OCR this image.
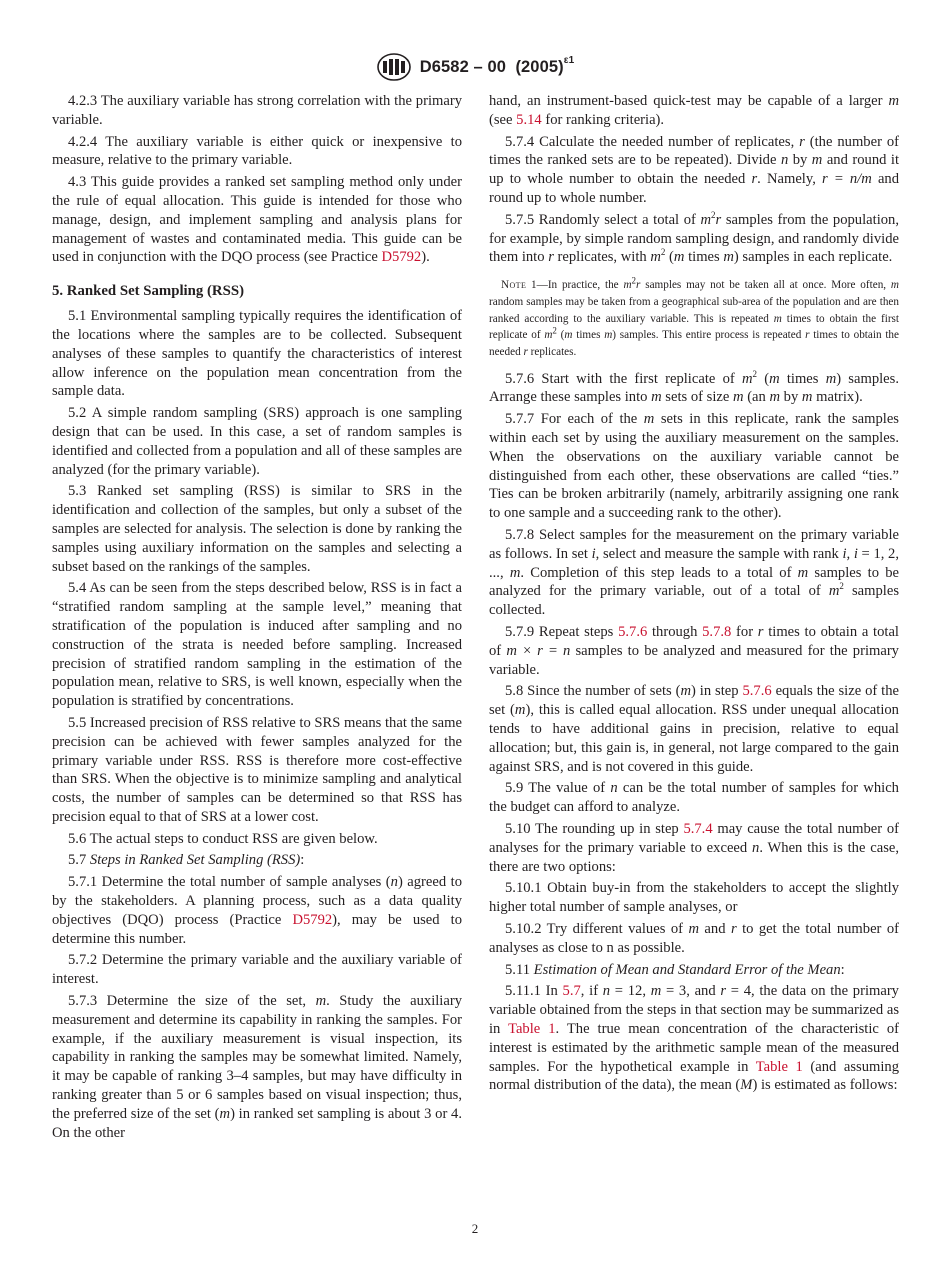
D6582 – 00 $(2005)^{\varepsilon 1}$

4.2.3 The auxiliary variable has strong correlation with the primary variable.

4.2.4 The auxiliary variable is either quick or inexpensive to measure, relative to the primary variable.

4.3 This guide provides a ranked set sampling method only under the rule of equal allocation. This guide is intended for those who manage, design, and implement sampling and analysis plans for management of wastes and contaminated media. This guide can be used in conjunction with the DQO process (see Practice D5792).

5. Ranked Set Sampling (RSS)

5.1 Environmental sampling typically requires the identification of the locations where the samples are to be collected. Subsequent analyses of these samples to quantify the characteristics of interest allow inference on the population mean concentration from the sample data.

5.2 A simple random sampling (SRS) approach is one sampling design that can be used. In this case, a set of random samples is identified and collected from a population and all of these samples are analyzed (for the primary variable).

5.3 Ranked set sampling (RSS) is similar to SRS in the identification and collection of the samples, but only a subset of the samples are selected for analysis. The selection is done by ranking the samples using auxiliary information on the samples and selecting a subset based on the rankings of the samples.

5.4 As can be seen from the steps described below, RSS is in fact a “stratified random sampling at the sample level,” meaning that stratification of the population is induced after sampling and no construction of the strata is needed before sampling. Increased precision of stratified random sampling in the estimation of the population mean, relative to SRS, is well known, especially when the population is stratified by concentrations.

5.5 Increased precision of RSS relative to SRS means that the same precision can be achieved with fewer samples analyzed for the primary variable under RSS. RSS is therefore more cost-effective than SRS. When the objective is to minimize sampling and analytical costs, the number of samples can be determined so that RSS has precision equal to that of SRS at a lower cost.

5.6 The actual steps to conduct RSS are given below.

5.7 Steps in Ranked Set Sampling (RSS):

5.7.1 Determine the total number of sample analyses (n) agreed to by the stakeholders. A planning process, such as a data quality objectives (DQO) process (Practice D5792), may be used to determine this number.

5.7.2 Determine the primary variable and the auxiliary variable of interest.

5.7.3 Determine the size of the set, m. Study the auxiliary measurement and determine its capability in ranking the samples. For example, if the auxiliary measurement is visual inspection, its capability in ranking the samples may be somewhat limited. Namely, it may be capable of ranking 3–4 samples, but may have difficulty in ranking greater than 5 or 6 samples based on visual inspection; thus, the preferred size of the set (m) in ranked set sampling is about 3 or 4. On the other

hand, an instrument-based quick-test may be capable of a larger m (see 5.14 for ranking criteria).

5.7.4 Calculate the needed number of replicates, r (the number of times the ranked sets are to be repeated). Divide n by m and round it up to whole number to obtain the needed r. Namely, r = n/m and round up to whole number.

5.7.5 Randomly select a total of $m^2r$ samples from the population, for example, by simple random sampling design, and randomly divide them into r replicates, with $m^2$ (m times m) samples in each replicate.

Note 1—In practice, the $m^2r$ samples may not be taken all at once. More often, m random samples may be taken from a geographical sub-area of the population and are then ranked according to the auxiliary variable. This is repeated m times to obtain the first replicate of $m^2$ (m times m) samples. This entire process is repeated r times to obtain the needed r replicates.

5.7.6 Start with the first replicate of $m^2$ (m times m) samples. Arrange these samples into m sets of size m (an m by m matrix).

5.7.7 For each of the m sets in this replicate, rank the samples within each set by using the auxiliary measurement on the samples. When the observations on the auxiliary variable cannot be distinguished from each other, these observations are called “ties.” Ties can be broken arbitrarily (namely, arbitrarily assigning one rank to one sample and a succeeding rank to the other).

5.7.8 Select samples for the measurement on the primary variable as follows. In set i, select and measure the sample with rank i, i = 1, 2, ..., m. Completion of this step leads to a total of m samples to be analyzed for the primary variable, out of a total of $m^2$ samples collected.

5.7.9 Repeat steps 5.7.6 through 5.7.8 for r times to obtain a total of m × r = n samples to be analyzed and measured for the primary variable.

5.8 Since the number of sets (m) in step 5.7.6 equals the size of the set (m), this is called equal allocation. RSS under unequal allocation tends to have additional gains in precision, relative to equal allocation; but, this gain is, in general, not large compared to the gain against SRS, and is not covered in this guide.

5.9 The value of n can be the total number of samples for which the budget can afford to analyze.

5.10 The rounding up in step 5.7.4 may cause the total number of analyses for the primary variable to exceed n. When this is the case, there are two options:

5.10.1 Obtain buy-in from the stakeholders to accept the slightly higher total number of sample analyses, or

5.10.2 Try different values of m and r to get the total number of analyses as close to n as possible.

5.11 Estimation of Mean and Standard Error of the Mean:

5.11.1 In 5.7, if n = 12, m = 3, and r = 4, the data on the primary variable obtained from the steps in that section may be summarized as in Table 1. The true mean concentration of the characteristic of interest is estimated by the arithmetic sample mean of the measured samples. For the hypothetical example in Table 1 (and assuming normal distribution of the data), the mean (M) is estimated as follows:

2
